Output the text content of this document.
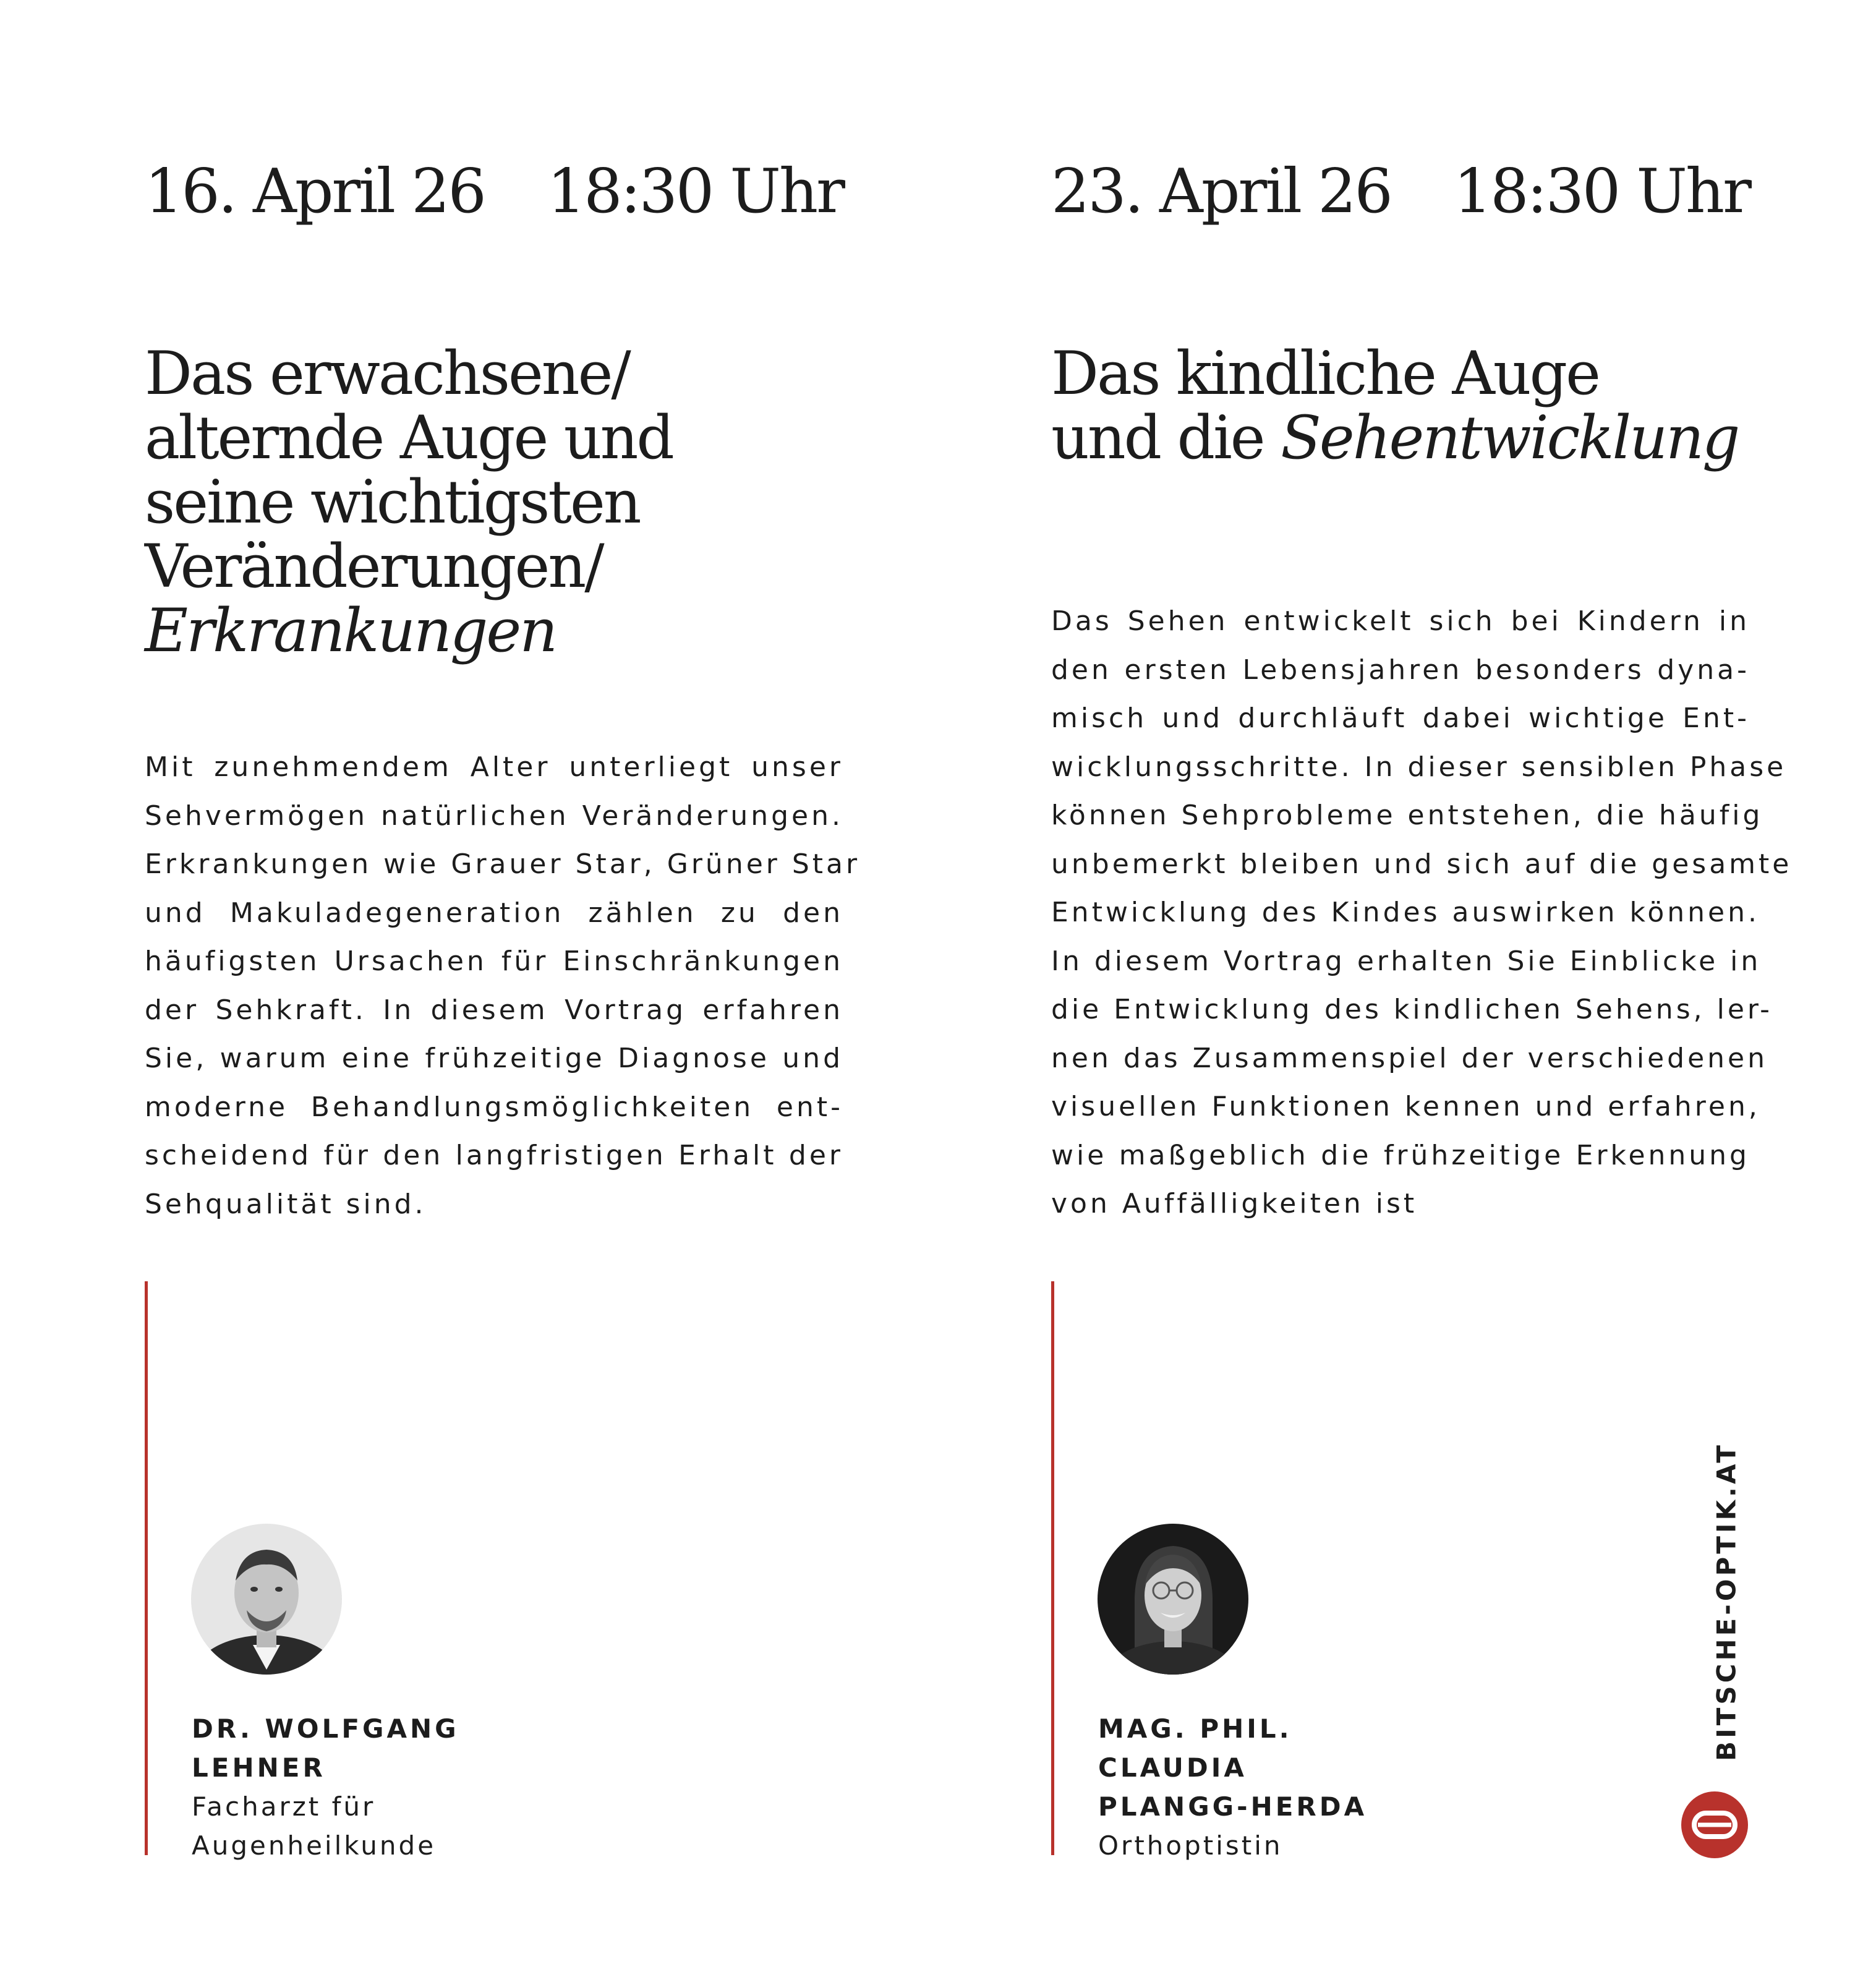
16. April 26 18:30 Uhr
Das erwachsene/
alternde Auge und
seine wichtigsten
Veränderungen/
Erkrankungen
Mit zunehmendem Alter unterliegt unser
Sehvermögen natürlichen Veränderungen.
Erkrankungen wie Grauer Star, Grüner Star
und Makuladegeneration zählen zu den
häufigsten Ursachen für Einschränkungen
der Sehkraft. In diesem Vortrag erfahren
Sie, warum eine frühzeitige Diagnose und
moderne Behandlungsmöglichkeiten ent-
scheidend für den langfristigen Erhalt der
Sehqualität sind.
DR. WOLFGANG
LEHNER
Facharzt für
Augenheilkunde
23. April 26 18:30 Uhr
Das kindliche Auge
und die Sehentwicklung
Das Sehen entwickelt sich bei Kindern in
den ersten Lebensjahren besonders dyna-
misch und durchläuft dabei wichtige Ent-
wicklungsschritte. In dieser sensiblen Phase
können Sehprobleme entstehen, die häufig
unbemerkt bleiben und sich auf die gesamte
Entwicklung des Kindes auswirken können.
In diesem Vortrag erhalten Sie Einblicke in
die Entwicklung des kindlichen Sehens, ler-
nen das Zusammenspiel der verschiedenen
visuellen Funktionen kennen und erfahren,
wie maßgeblich die frühzeitige Erkennung
von Auffälligkeiten ist
MAG. PHIL.
CLAUDIA
PLANGG-HERDA
Orthoptistin
BITSCHE-OPTIK.AT
